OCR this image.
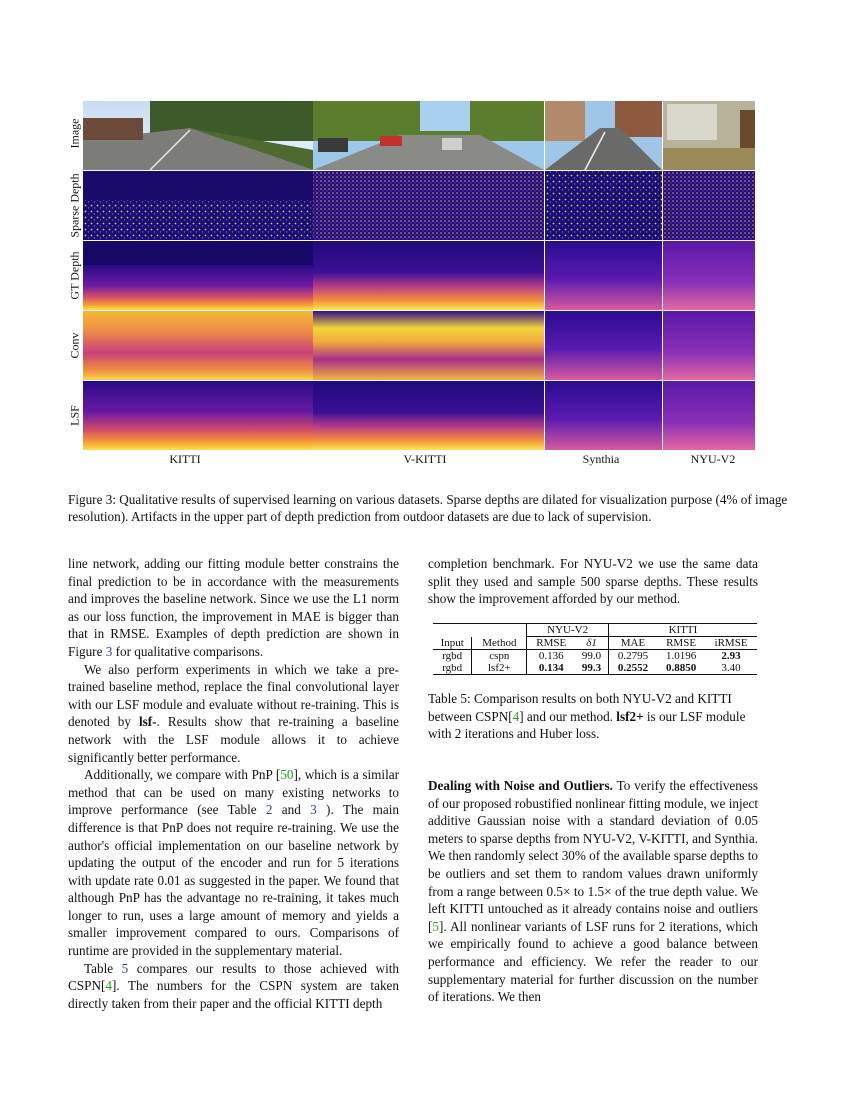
Image
Sparse Depth
GT Depth
Conv
LSF
KITTI	V-KITTI	Synthia	NYU-V2
Figure 3: Qualitative results of supervised learning on various datasets. Sparse depths are dilated for visualization purpose (4% of image resolution). Artifacts in the upper part of depth prediction from outdoor datasets are due to lack of supervision.

line network, adding our fitting module better constrains the final prediction to be in accordance with the measurements and improves the baseline network. Since we use the L1 norm as our loss function, the improvement in MAE is bigger than that in RMSE. Examples of depth prediction are shown in Figure 3 for qualitative comparisons.

We also perform experiments in which we take a pre-trained baseline method, replace the final convolutional layer with our LSF module and evaluate without re-training. This is denoted by lsf-. Results show that re-training a baseline network with the LSF module allows it to achieve significantly better performance.

Additionally, we compare with PnP [50], which is a similar method that can be used on many existing networks to improve performance (see Table 2 and 3 ). The main difference is that PnP does not require re-training. We use the author's official implementation on our baseline network by updating the output of the encoder and run for 5 iterations with update rate 0.01 as suggested in the paper. We found that although PnP has the advantage no re-training, it takes much longer to run, uses a large amount of memory and yields a smaller improvement compared to ours. Comparisons of runtime are provided in the supplementary material.

Table 5 compares our results to those achieved with CSPN[4]. The numbers for the CSPN system are taken directly taken from their paper and the official KITTI depth

completion benchmark. For NYU-V2 we use the same data split they used and sample 500 sparse depths. These results show the improvement afforded by our method.

		NYU-V2		KITTI		
Input	Method	RMSE	δ1	MAE	RMSE	iRMSE
rgbd	cspn	0.136	99.0	0.2795	1.0196	2.93
rgbd	lsf2+	0.134	99.3	0.2552	0.8850	3.40
Table 5: Comparison results on both NYU-V2 and KITTI between CSPN[4] and our method. lsf2+ is our LSF module with 2 iterations and Huber loss.

Dealing with Noise and Outliers. To verify the effectiveness of our proposed robustified nonlinear fitting module, we inject additive Gaussian noise with a standard deviation of 0.05 meters to sparse depths from NYU-V2, V-KITTI, and Synthia. We then randomly select 30% of the available sparse depths to be outliers and set them to random values drawn uniformly from a range between 0.5× to 1.5× of the true depth value. We left KITTI untouched as it already contains noise and outliers [5]. All nonlinear variants of LSF runs for 2 iterations, which we empirically found to achieve a good balance between performance and efficiency. We refer the reader to our supplementary material for further discussion on the number of iterations. We then
